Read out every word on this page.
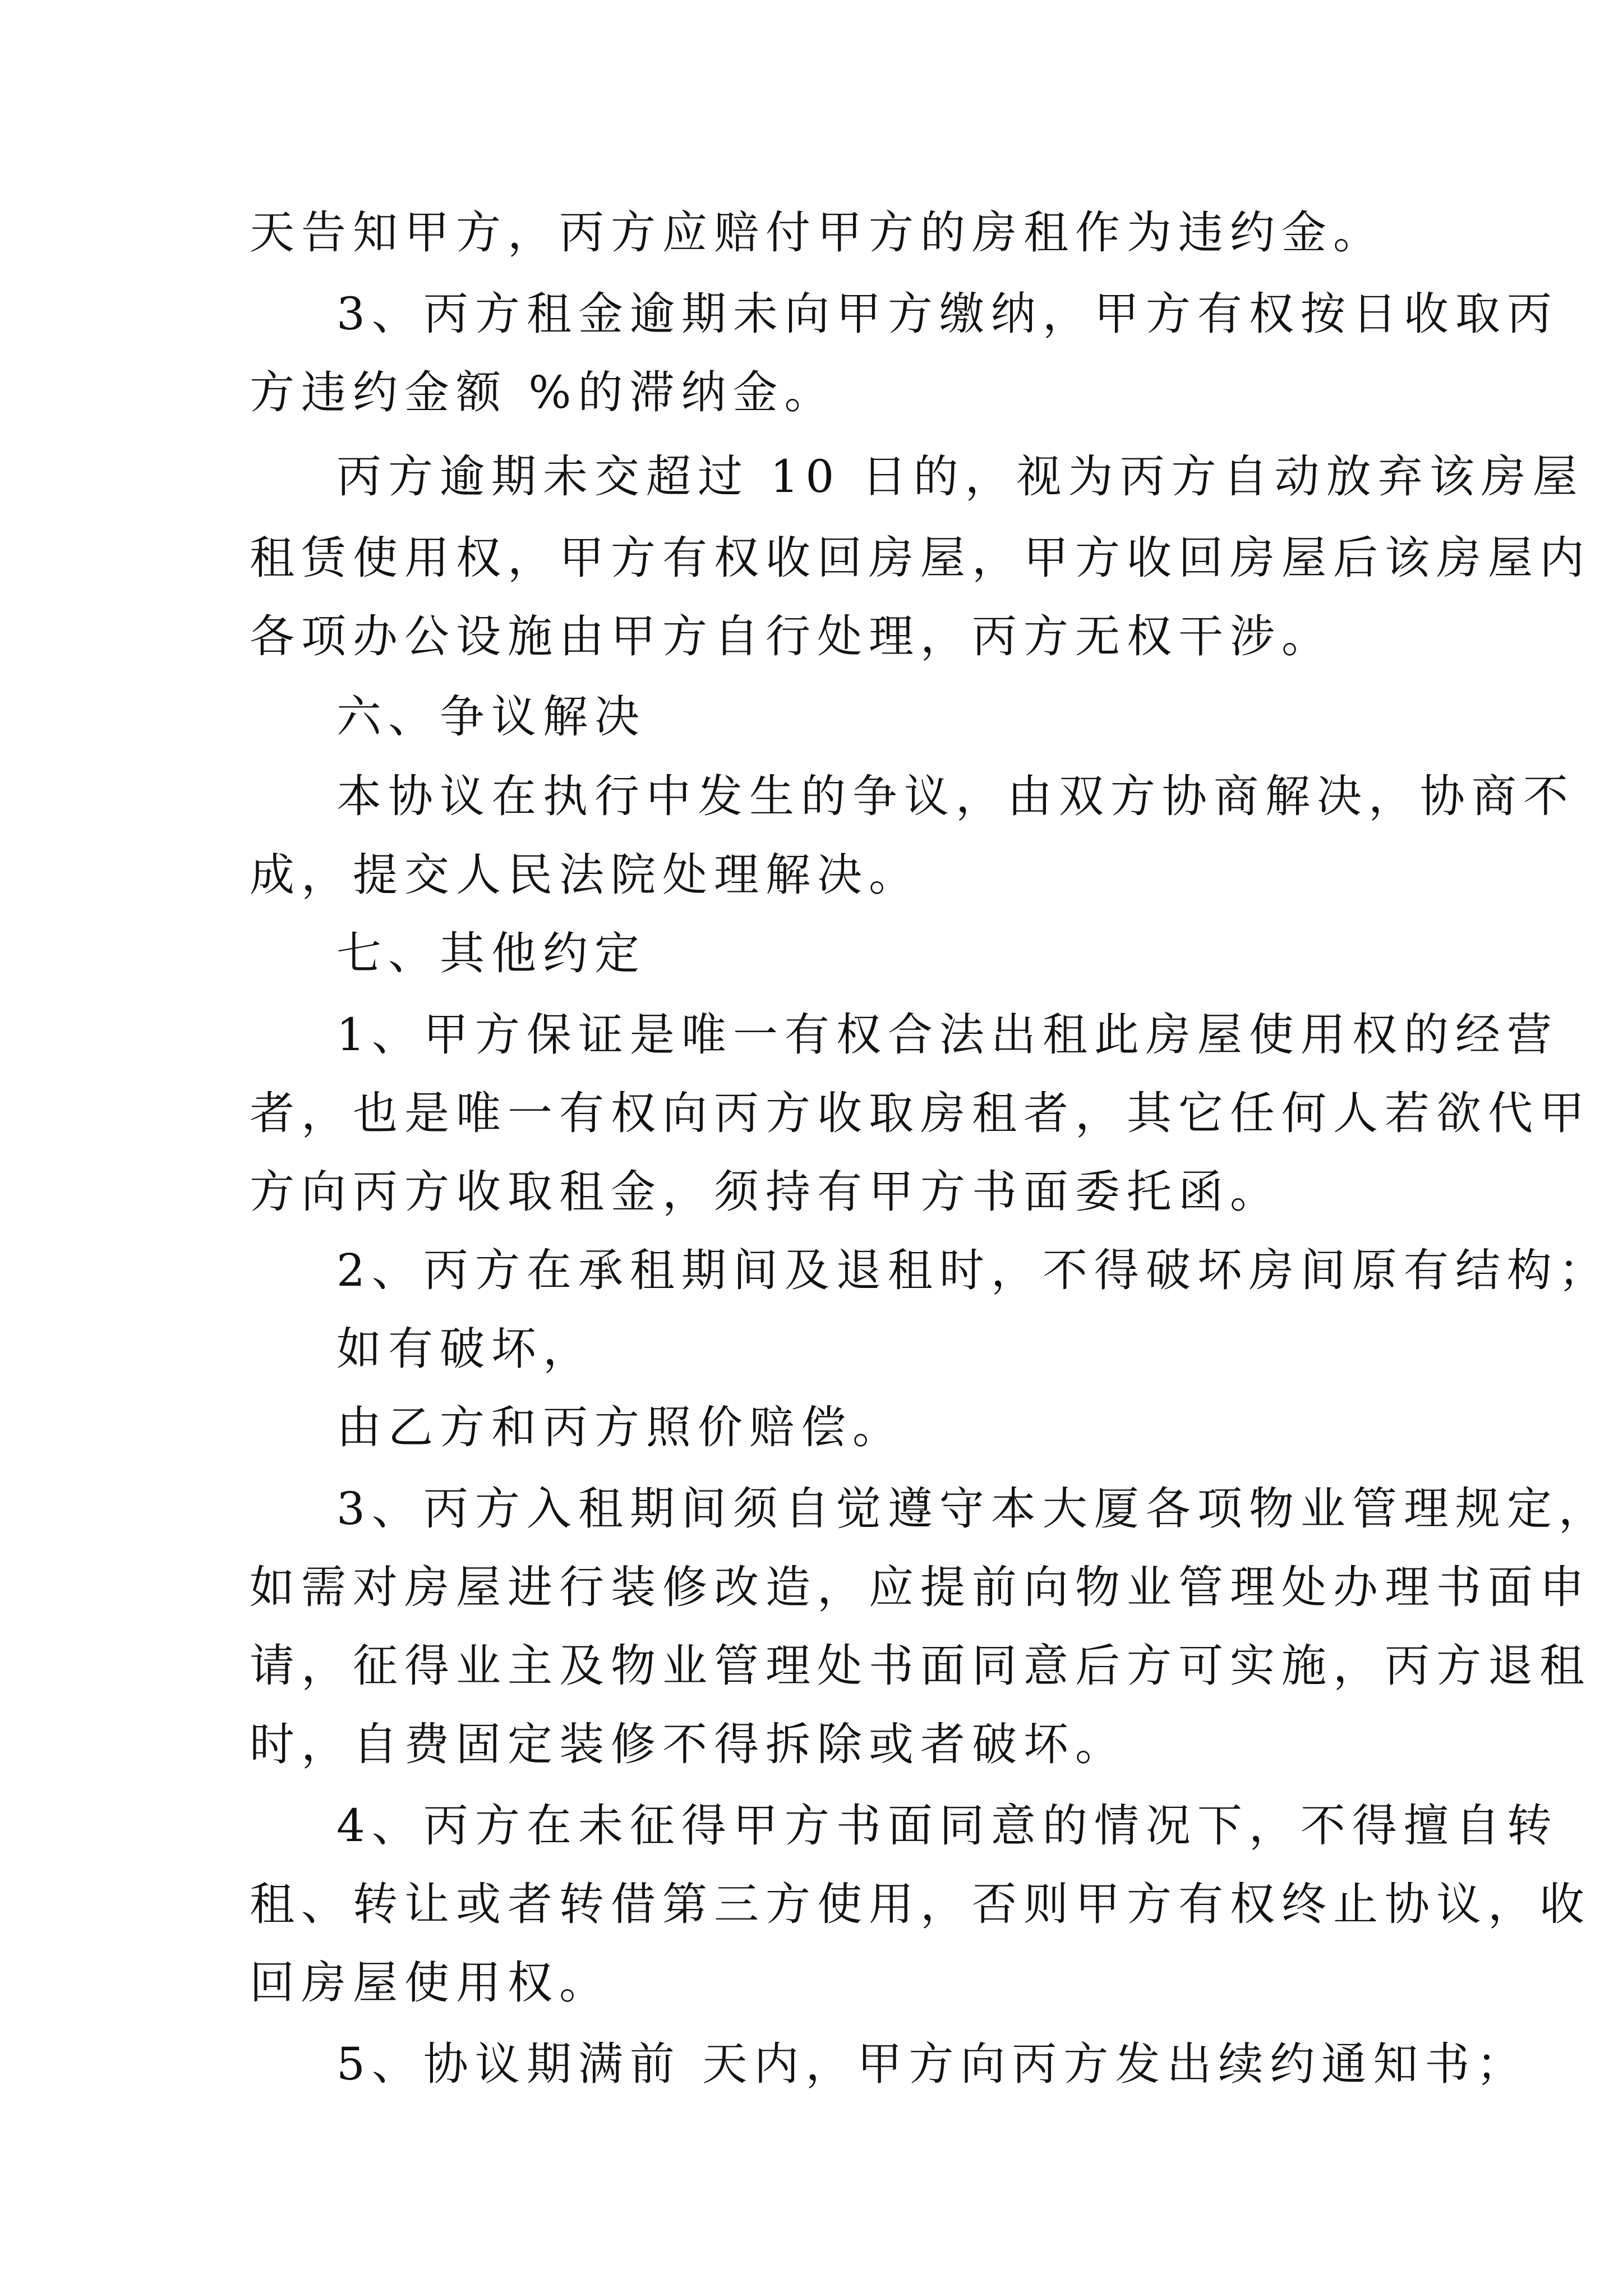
天告知甲方，丙方应赔付甲方的房租作为违约金。
3、丙方租金逾期未向甲方缴纳，甲方有权按日收取丙
方违约金额 %的滞纳金。
丙方逾期未交超过 10 日的，视为丙方自动放弃该房屋
租赁使用权，甲方有权收回房屋，甲方收回房屋后该房屋内
各项办公设施由甲方自行处理，丙方无权干涉。
六、争议解决
本协议在执行中发生的争议，由双方协商解决，协商不
成，提交人民法院处理解决。
七、其他约定
1、甲方保证是唯一有权合法出租此房屋使用权的经营
者，也是唯一有权向丙方收取房租者，其它任何人若欲代甲
方向丙方收取租金，须持有甲方书面委托函。
2、丙方在承租期间及退租时，不得破坏房间原有结构；
如有破坏，
由乙方和丙方照价赔偿。
3、丙方入租期间须自觉遵守本大厦各项物业管理规定，
如需对房屋进行装修改造，应提前向物业管理处办理书面申
请，征得业主及物业管理处书面同意后方可实施，丙方退租
时，自费固定装修不得拆除或者破坏。
4、丙方在未征得甲方书面同意的情况下，不得擅自转
租、转让或者转借第三方使用，否则甲方有权终止协议，收
回房屋使用权。
5、协议期满前 天内，甲方向丙方发出续约通知书；
